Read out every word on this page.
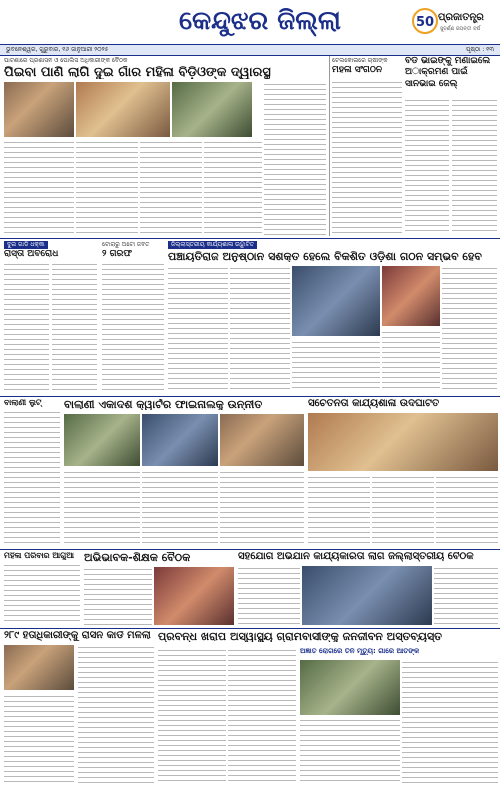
କେନ୍ଦୁଝର ଜିଲ୍ଲା	50 ପ୍ରଜାତନ୍ତ୍ର
ସୁବର୍ଣ୍ଣ ଜୟନ୍ତୀ ବର୍ଷ
ଭୁବନେଶ୍ୱର, ଗୁରୁବାର, ୧୬ ଜାନୁଆରୀ ୨୦୨୫	ପୃଷ୍ଠା : ୧୩
ପାଟଣାରେ ପ୍ରଶାସନ ଓ ପୋଲିସ ଅଧିକାରୀଙ୍କ ବୈଠକ
ପିଇବା ପାଣି ଲାଗି ଦୁଇ ଗାଁର ମହିଳା ବିଡ଼ିଓଙ୍କ ଦ୍ୱାରସ୍ଥ
ଟେଲକୋଇରେ ଚାଷୀଙ୍କ
ମହିଳା ସଂଗଠନ
ବଡ ଭାଇଙ୍କୁ ମଣାଇଲେ ଅାକ୍ରମଣ ପାଇଁ ସାନଭାଇ ଜେଲ୍
ଦୁଇ ଗାଡି ଧକ୍କା
ରାସ୍ତା ଅବରୋଧ
ଟୋରାରୁ ଅଟୋ ଜବତ
୨ ଗିରଫ
ଜିଲ୍ଲାସ୍ତରୀୟ କାର୍ଯ୍ୟଶାଳା ଉଦ୍ଘାଟିତ
ପଞ୍ଚାୟତିରାଜ ଅନୁଷ୍ଠାନ ସଶକ୍ତ ହେଲେ ବିକଶିତ ଓଡ଼ିଶା ଗଠନ ସମ୍ଭବ ହେବ
ବାଲାଣୀ ଲୁଟ୍	ବାଲାଣୀ ଏକାଦଶ କ୍ୱାର୍ଟର ଫାଇନାଲକୁ ଉନ୍ନୀତ	ସଚେତନତା କାର୍ଯ୍ୟଶାଳା ଉଦଘାଟିତ
ମହିଳା ପରିବାର ଆଗୁଆ ଅଭିଭାବକ-ଶିକ୍ଷକ ବୈଠକ	ସହଯୋଗ ଅଭିଯାନ କାର୍ଯ୍ୟକାରିତା ଲାଗି ଜିଲ୍ଲାସ୍ତରୀୟ ବୈଠକ
୨୮୯ ହିତାଧିକାରୀଙ୍କୁ ରାସନ କାର୍ଡ ମିଳିଲା ପ୍ରବନ୍ଧ ଖରାପ ଅସ୍ୱାସ୍ଥ୍ୟ ଗ୍ରାମବାସୀଙ୍କୁ ଜନଜୀବନ ଅସ୍ତବ୍ୟସ୍ତ
ଅଜ୍ଞାତ ରୋଗରେ ତିନି ମୃତ୍ୟୁ: ଗାଁରେ ଆତଙ୍କ
